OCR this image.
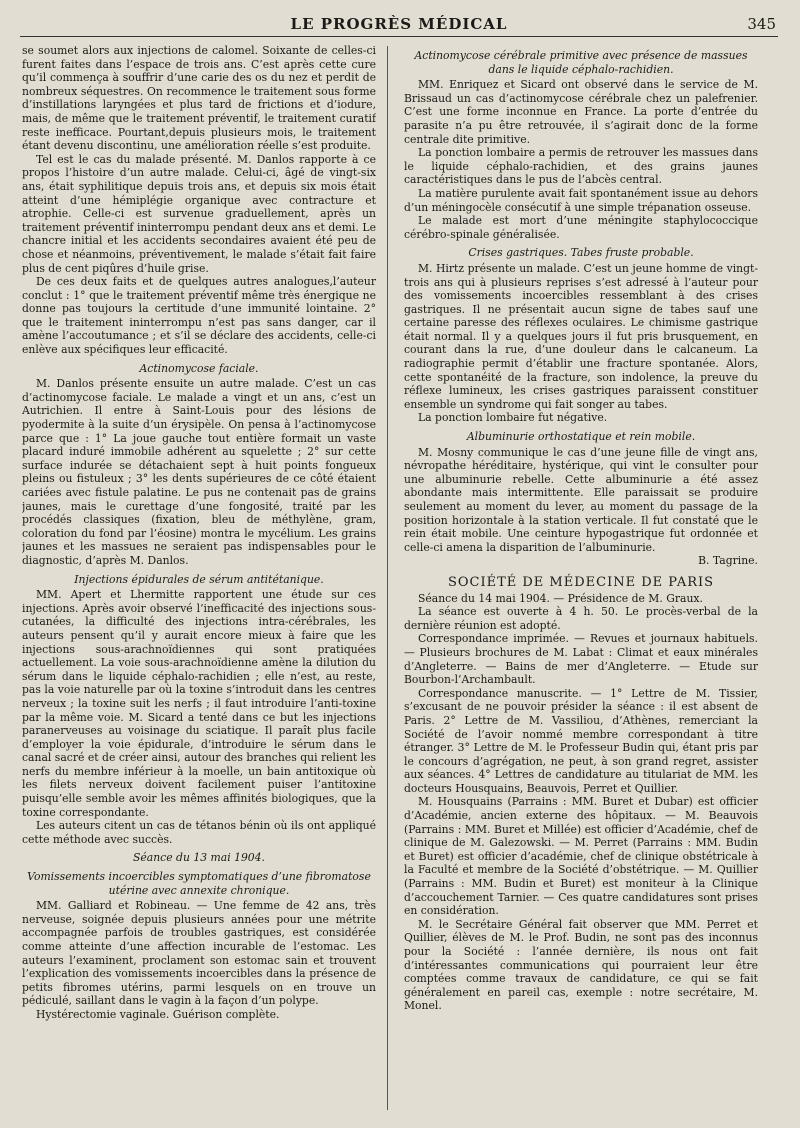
LE PROGRÈS MÉDICAL	345

se soumet alors aux injections de calomel. Soixante de celles-ci furent faites dans l’espace de trois ans. C’est après cette cure qu’il commença à souffrir d’une carie des os du nez et perdit de nombreux séquestres. On recommence le traitement sous forme d’instillations laryngées et plus tard de frictions et d’iodure, mais, de même que le traitement préventif, le traitement curatif reste inefficace. Pourtant,depuis plusieurs mois, le traitement étant devenu discontinu, une amélioration réelle s’est produite.

Tel est le cas du malade présenté. M. Danlos rapporte à ce propos l’histoire d’un autre malade. Celui-ci, âgé de vingt-six ans, était syphilitique depuis trois ans, et depuis six mois était atteint d’une hémiplégie organique avec contracture et atrophie. Celle-ci est survenue graduellement, après un traitement préventif ininterrompu pendant deux ans et demi. Le chancre initial et les accidents secondaires avaient été peu de chose et néanmoins, préventivement, le malade s’était fait faire plus de cent piqûres d’huile grise.

De ces deux faits et de quelques autres analogues,l’auteur conclut : 1° que le traitement préventif même très énergique ne donne pas toujours la certitude d’une immunité lointaine. 2° que le traitement ininterrompu n’est pas sans danger, car il amène l’accoutumance ; et s’il se déclare des accidents, celle-ci enlève aux spécifiques leur efficacité.

Actinomycose faciale.

M. Danlos présente ensuite un autre malade. C’est un cas d’actinomycose faciale. Le malade a vingt et un ans, c’est un Autrichien. Il entre à Saint-Louis pour des lésions de pyodermite à la suite d’un érysipèle. On pensa à l’actinomycose parce que : 1° La joue gauche tout entière formait un vaste placard induré immobile adhérent au squelette ; 2° sur cette surface indurée se détachaient sept à huit points fongueux pleins ou fistuleux ; 3° les dents supérieures de ce côté étaient cariées avec fistule palatine. Le pus ne contenait pas de grains jaunes, mais le curettage d’une fongosité, traité par les procédés classiques (fixation, bleu de méthylène, gram, coloration du fond par l’éosine) montra le mycélium. Les grains jaunes et les massues ne seraient pas indispensables pour le diagnostic, d’après M. Danlos.

Injections épidurales de sérum antitétanique.

MM. Apert et Lhermitte rapportent une étude sur ces injections. Après avoir observé l’inefficacité des injections sous-cutanées, la difficulté des injections intra-cérébrales, les auteurs pensent qu’il y aurait encore mieux à faire que les injections sous-arachnoïdiennes qui sont pratiquées actuellement. La voie sous-arachnoïdienne amène la dilution du sérum dans le liquide céphalo-rachidien ; elle n’est, au reste, pas la voie naturelle par où la toxine s’introduit dans les centres nerveux ; la toxine suit les nerfs ; il faut introduire l’anti-toxine par la même voie. M. Sicard a tenté dans ce but les injections paranerveuses au voisinage du sciatique. Il paraît plus facile d’employer la voie épidurale, d’introduire le sérum dans le canal sacré et de créer ainsi, autour des branches qui relient les nerfs du membre inférieur à la moelle, un bain antitoxique où les filets nerveux doivent facilement puiser l’antitoxine puisqu’elle semble avoir les mêmes affinités biologiques, que la toxine correspondante.

Les auteurs citent un cas de tétanos bénin où ils ont appliqué cette méthode avec succès.

Séance du 13 mai 1904.

Vomissements incoercibles symptomatiques d’une fibromatose utérine avec annexite chronique.

MM. Galliard et Robineau. — Une femme de 42 ans, très nerveuse, soignée depuis plusieurs années pour une métrite accompagnée parfois de troubles gastriques, est considérée comme atteinte d’une affection incurable de l’estomac. Les auteurs l’examinent, proclament son estomac sain et trouvent l’explication des vomissements incoercibles dans la présence de petits fibromes utérins, parmi lesquels on en trouve un pédiculé, saillant dans le vagin à la façon d’un polype.

Hystérectomie vaginale. Guérison complète.

Actinomycose cérébrale primitive avec présence de massues dans le liquide céphalo-rachidien.

MM. Enriquez et Sicard ont observé dans le service de M. Brissaud un cas d’actinomycose cérébrale chez un palefrenier. C’est une forme inconnue en France. La porte d’entrée du parasite n’a pu être retrouvée, il s’agirait donc de la forme centrale dite primitive.

La ponction lombaire a permis de retrouver les massues dans le liquide céphalo-rachidien, et des grains jaunes caractéristiques dans le pus de l’abcès central.

La matière purulente avait fait spontanément issue au dehors d’un méningocèle consécutif à une simple trépanation osseuse.

Le malade est mort d’une méningite staphylococcique cérébro-spinale généralisée.

Crises gastriques. Tabes fruste probable.

M. Hirtz présente un malade. C’est un jeune homme de vingt-trois ans qui à plusieurs reprises s’est adressé à l’auteur pour des vomissements incoercibles ressemblant à des crises gastriques. Il ne présentait aucun signe de tabes sauf une certaine paresse des réflexes oculaires. Le chimisme gastrique était normal. Il y a quelques jours il fut pris brusquement, en courant dans la rue, d’une douleur dans le calcaneum. La radiographie permit d’établir une fracture spontanée. Alors, cette spontanéité de la fracture, son indolence, la preuve du réflexe lumineux, les crises gastriques paraissent constituer ensemble un syndrome qui fait songer au tabes.

La ponction lombaire fut négative.

Albuminurie orthostatique et rein mobile.

M. Mosny communique le cas d’une jeune fille de vingt ans, névropathe héréditaire, hystérique, qui vint le consulter pour une albuminurie rebelle. Cette albuminurie a été assez abondante mais intermittente. Elle paraissait se produire seulement au moment du lever, au moment du passage de la position horizontale à la station verticale. Il fut constaté que le rein était mobile. Une ceinture hypogastrique fut ordonnée et celle-ci amena la disparition de l’albuminurie.

B. Tagrine.

SOCIÉTÉ DE MÉDECINE DE PARIS

Séance du 14 mai 1904. — Présidence de M. Graux.

La séance est ouverte à 4 h. 50. Le procès-verbal de la dernière réunion est adopté.

Correspondance imprimée. — Revues et journaux habituels. — Plusieurs brochures de M. Labat : Climat et eaux minérales d’Angleterre. — Bains de mer d’Angleterre. — Etude sur Bourbon-l’Archambault.

Correspondance manuscrite. — 1° Lettre de M. Tissier, s’excusant de ne pouvoir présider la séance : il est absent de Paris. 2° Lettre de M. Vassiliou, d’Athènes, remerciant la Société de l’avoir nommé membre correspondant à titre étranger. 3° Lettre de M. le Professeur Budin qui, étant pris par le concours d’agrégation, ne peut, à son grand regret, assister aux séances. 4° Lettres de candidature au titulariat de MM. les docteurs Housquains, Beauvois, Perret et Quillier.

M. Housquains (Parrains : MM. Buret et Dubar) est officier d’Académie, ancien externe des hôpitaux. — M. Beauvois (Parrains : MM. Buret et Millée) est officier d’Académie, chef de clinique de M. Galezowski. — M. Perret (Parrains : MM. Budin et Buret) est officier d’académie, chef de clinique obstétricale à la Faculté et membre de la Société d’obstétrique. — M. Quillier (Parrains : MM. Budin et Buret) est moniteur à la Clinique d’accouchement Tarnier. — Ces quatre candidatures sont prises en considération.

M. le Secrétaire Général fait observer que MM. Perret et Quillier, élèves de M. le Prof. Budin, ne sont pas des inconnus pour la Société : l’année dernière, ils nous ont fait d’intéressantes communications qui pourraient leur être comptées comme travaux de candidature, ce qui se fait généralement en pareil cas, exemple : notre secrétaire, M. Monel.
